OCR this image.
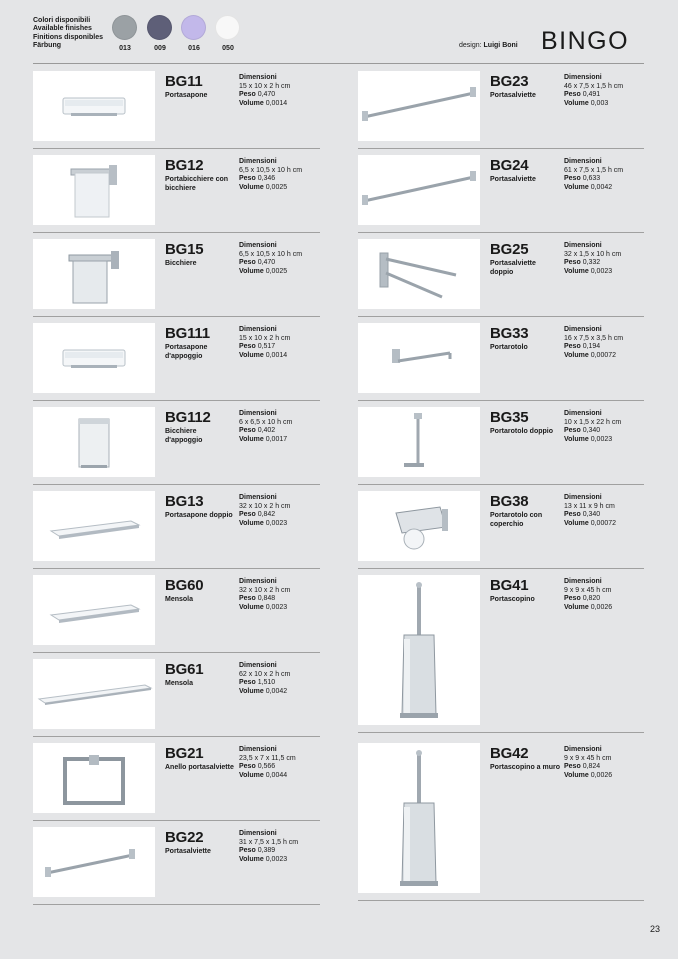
Colori disponibili
Available finishes
Finitions disponibles
Färbung	013	009	016	050	design: Luigi Boni BINGO
BG11
Portasapone
Dimensioni
15 x 10 x 2 h cm
Peso 0,470
Volume 0,0014
BG12
Portabicchiere con bicchiere
Dimensioni
6,5 x 10,5 x 10 h cm
Peso 0,346
Volume 0,0025
BG15
Bicchiere
Dimensioni
6,5 x 10,5 x 10 h cm
Peso 0,470
Volume 0,0025
BG111
Portasapone d'appoggio
Dimensioni
15 x 10 x 2 h cm
Peso 0,517
Volume 0,0014
BG112
Bicchiere d'appoggio
Dimensioni
6 x 6,5 x 10 h cm
Peso 0,402
Volume 0,0017
BG13
Portasapone doppio
Dimensioni
32 x 10 x 2 h cm
Peso 0,842
Volume 0,0023
BG60
Mensola
Dimensioni
32 x 10 x 2 h cm
Peso 0,848
Volume 0,0023
BG61
Mensola
Dimensioni
62 x 10 x 2 h cm
Peso 1,510
Volume 0,0042
BG21
Anello portasalviette
Dimensioni
23,5 x 7 x 11,5 cm
Peso 0,566
Volume 0,0044
BG22
Portasalviette
Dimensioni
31 x 7,5 x 1,5 h cm
Peso 0,389
Volume 0,0023
BG23
Portasalviette
Dimensioni
46 x 7,5 x 1,5 h cm
Peso 0,491
Volume 0,003
BG24
Portasalviette
Dimensioni
61 x 7,5 x 1,5 h cm
Peso 0,633
Volume 0,0042
BG25
Portasalviette doppio
Dimensioni
32 x 1,5 x 10 h cm
Peso 0,332
Volume 0,0023
BG33
Portarotolo
Dimensioni
16 x 7,5 x 3,5 h cm
Peso 0,194
Volume 0,00072
BG35
Portarotolo doppio
Dimensioni
10 x 1,5 x 22 h cm
Peso 0,340
Volume 0,0023
BG38
Portarotolo con coperchio
Dimensioni
13 x 11 x 9 h cm
Peso 0,340
Volume 0,00072
BG41
Portascopino
Dimensioni
9 x 9 x 45 h cm
Peso 0,820
Volume 0,0026
BG42
Portascopino a muro
Dimensioni
9 x 9 x 45 h cm
Peso 0,824
Volume 0,0026
23
